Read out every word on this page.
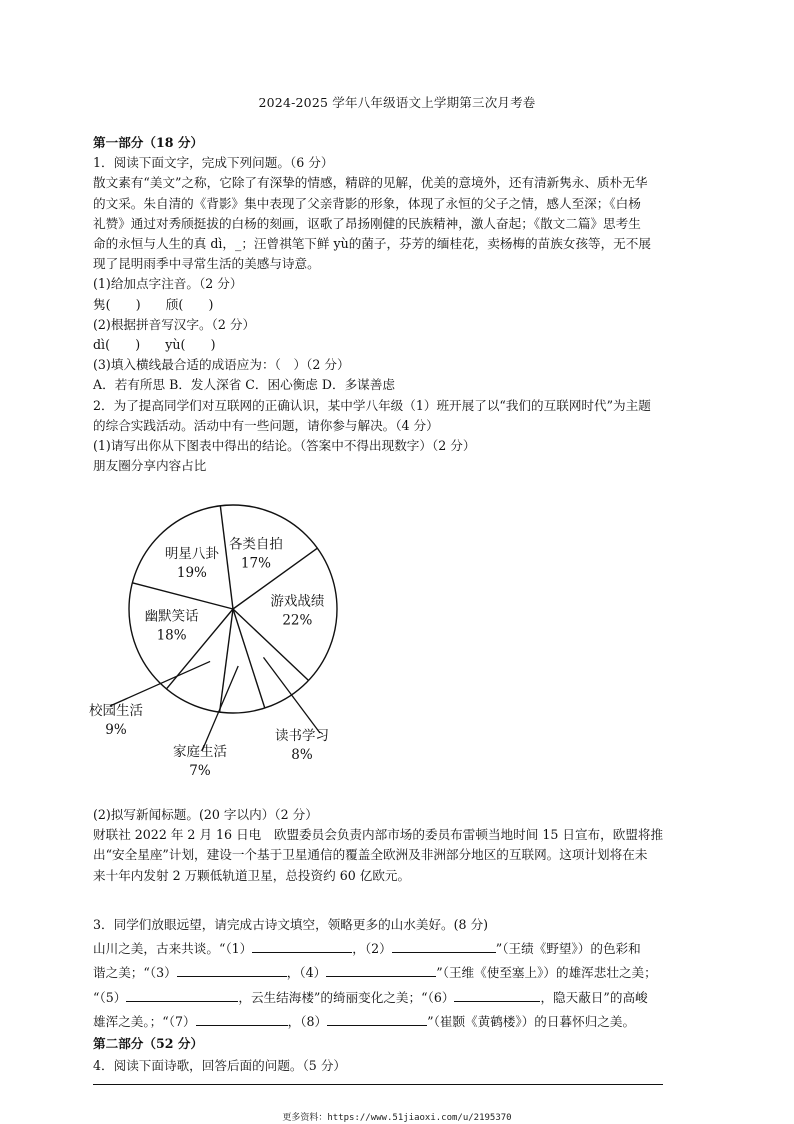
2024-2025 学年八年级语文上学期第三次月考卷
第一部分（18 分）
1．阅读下面文字，完成下列问题。（6 分）
散文素有“美文”之称，它除了有深挚的情感，精辟的见解，优美的意境外，还有清新隽永、质朴无华
的文采。朱自清的《背影》集中表现了父亲背影的形象，体现了永恒的父子之情，感人至深；《白杨
礼赞》通过对秀颀挺拔的白杨的刻画，讴歌了昂扬刚健的民族精神，激人奋起；《散文二篇》思考生
命的永恒与人生的真 dì，_；汪曾祺笔下鲜 yù的菌子，芬芳的缅桂花，卖杨梅的苗族女孩等，无不展
现了昆明雨季中寻常生活的美感与诗意。
(1)给加点字注音。（2 分）
隽(　　)　　颀(　　)
(2)根据拼音写汉字。（2 分）
dì(　　)　　yù(　　)
(3)填入横线最合适的成语应为：（　）（2 分）
A．若有所思 B．发人深省 C．困心衡虑 D．多谋善虑
2．为了提高同学们对互联网的正确认识，某中学八年级（1）班开展了以“我们的互联网时代”为主题
的综合实践活动。活动中有一些问题，请你参与解决。（4 分）
(1)请写出你从下图表中得出的结论。（答案中不得出现数字）（2 分）
朋友圈分享内容占比
各类自拍
17%
游戏战绩
22%
读书学习
8%
家庭生活
7%
校园生活
9%
幽默笑话
18%
明星八卦
19%
(2)拟写新闻标题。(20 字以内）（2 分）
财联社 2022 年 2 月 16 日电　欧盟委员会负责内部市场的委员布雷顿当地时间 15 日宣布，欧盟将推
出“安全星座”计划，建设一个基于卫星通信的覆盖全欧洲及非洲部分地区的互联网。这项计划将在未
来十年内发射 2 万颗低轨道卫星，总投资约 60 亿欧元。
3．同学们放眼远望，请完成古诗文填空，领略更多的山水美好。(8 分)
山川之美，古来共谈。“（1）	，（2）	”（王绩《野望》）的色彩和
谐之美；“（3）	，（4）	”（王维《使至塞上》）的雄浑悲壮之美；
“（5）	，云生结海楼”的绮丽变化之美；“（6）	，隐天蔽日”的高峻
雄浑之美。；“（7）	，（8）	”（崔颢《黄鹤楼》）的日暮怀归之美。
第二部分（52 分）
4．阅读下面诗歌，回答后面的问题。（5 分）
更多资料：https://www.51jiaoxi.com/u/2195370
